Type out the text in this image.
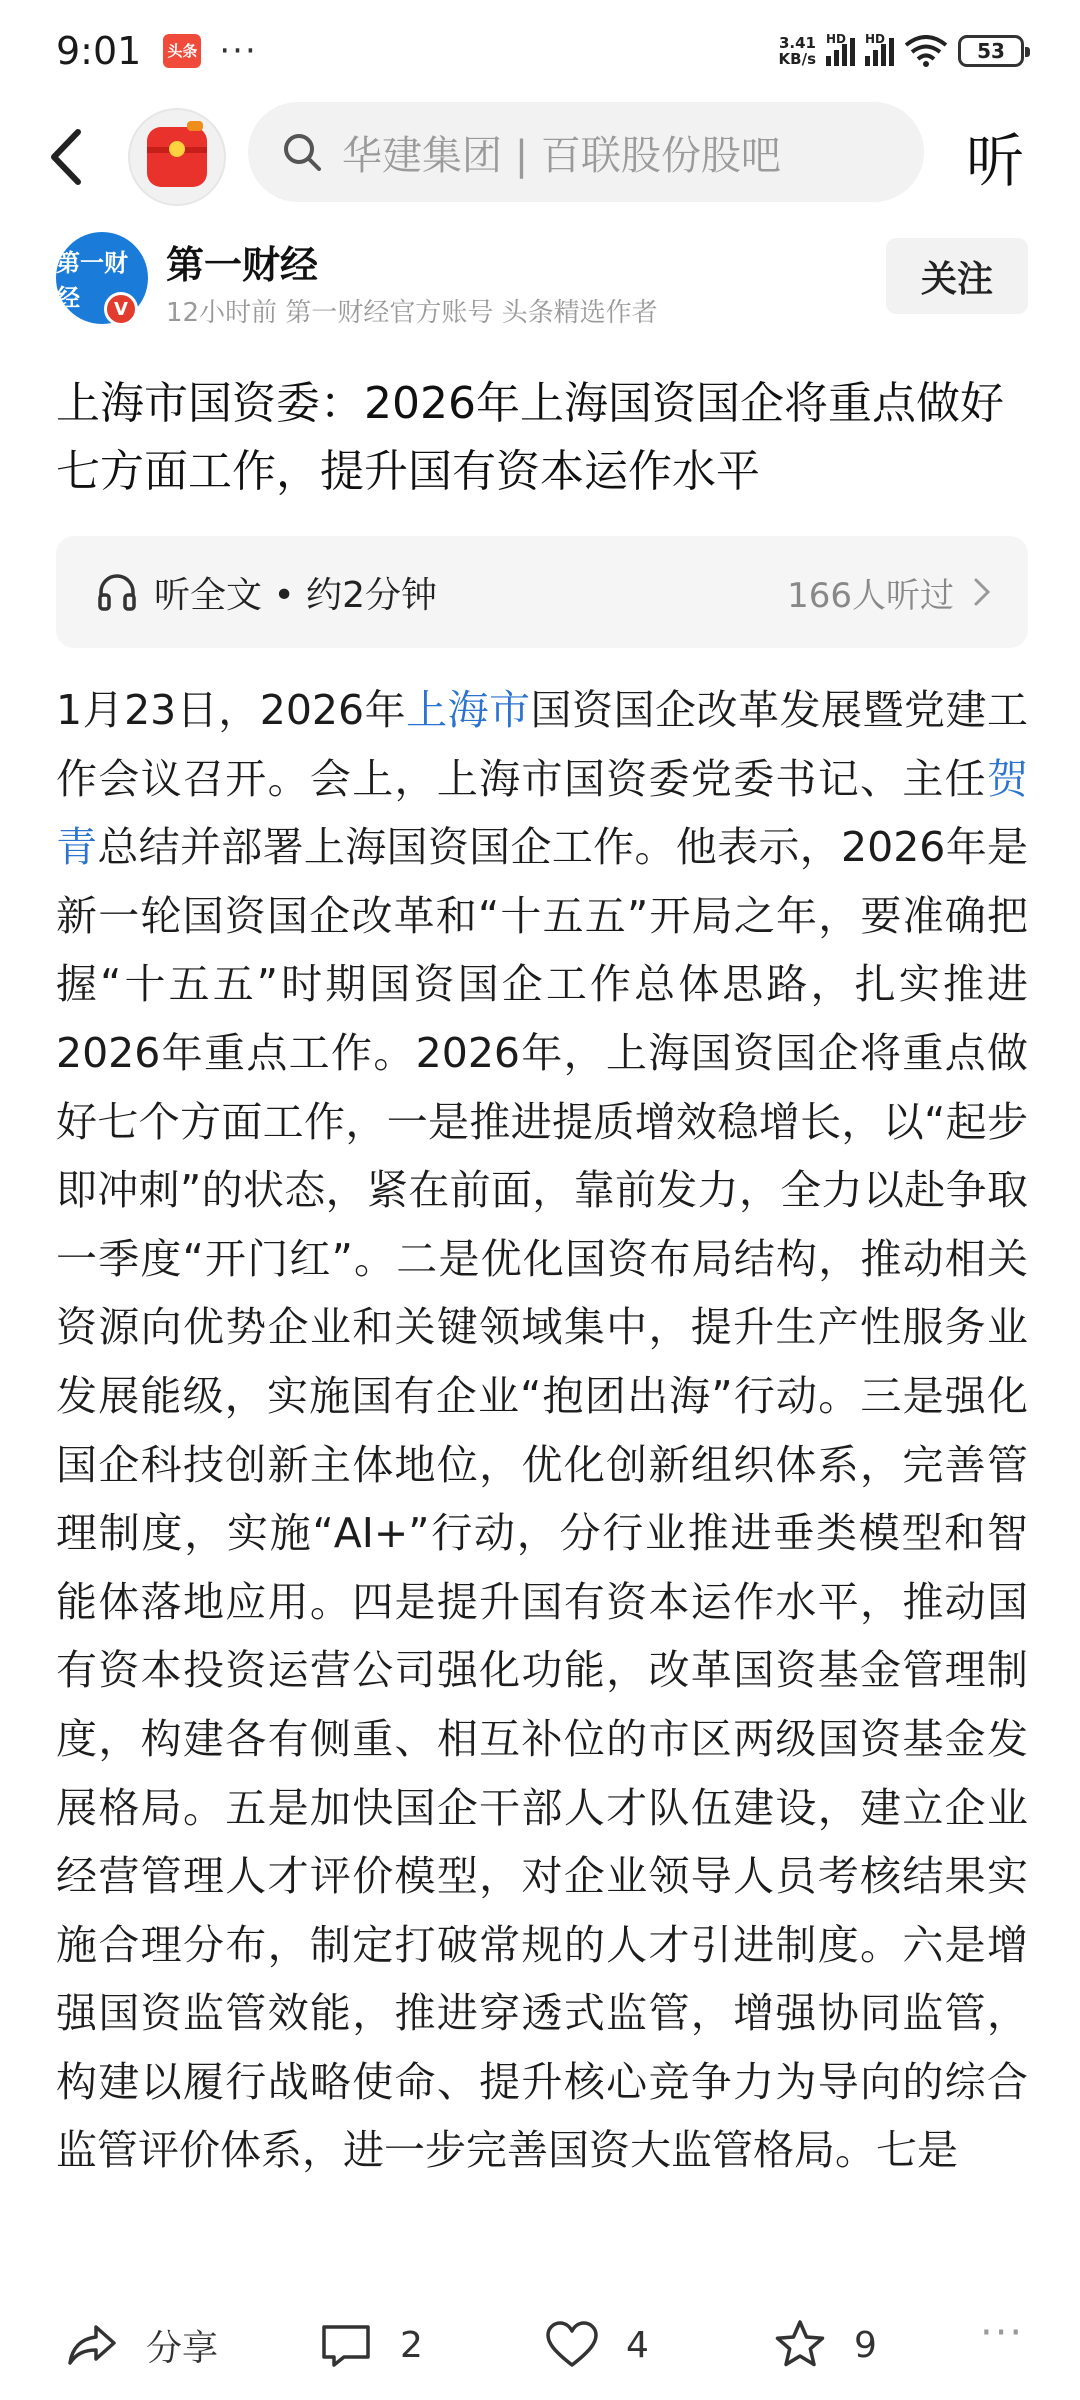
9:01 头条 ···	3.41
KB/s
HD HD	53
华建集团 | 百联股份股吧	听
第一财经	V
第一财经
12小时前 第一财经官方账号 头条精选作者
关注
上海市国资委：2026年上海国资国企将重点做好七方面工作，提升国有资本运作水平
听全文 • 约2分钟	166人听过
1月23日，2026年上海市国资国企改革发展暨党建工作会议召开。会上，上海市国资委党委书记、主任贺青总结并部署上海国资国企工作。他表示，2026年是新一轮国资国企改革和“十五五”开局之年，要准确把握“十五五”时期国资国企工作总体思路，扎实推进2026年重点工作。2026年，上海国资国企将重点做好七个方面工作，一是推进提质增效稳增长，以“起步即冲刺”的状态，紧在前面，靠前发力，全力以赴争取一季度“开门红”。二是优化国资布局结构，推动相关资源向优势企业和关键领域集中，提升生产性服务业发展能级，实施国有企业“抱团出海”行动。三是强化国企科技创新主体地位，优化创新组织体系，完善管理制度，实施“AI+”行动，分行业推进垂类模型和智能体落地应用。四是提升国有资本运作水平，推动国有资本投资运营公司强化功能，改革国资基金管理制度，构建各有侧重、相互补位的市区两级国资基金发展格局。五是加快国企干部人才队伍建设，建立企业经营管理人才评价模型，对企业领导人员考核结果实施合理分布，制定打破常规的人才引进制度。六是增强国资监管效能，推进穿透式监管，增强协同监管，构建以履行战略使命、提升核心竞争力为导向的综合监管评价体系，进一步完善国资大监管格局。七是
分享	2	4	9	···
